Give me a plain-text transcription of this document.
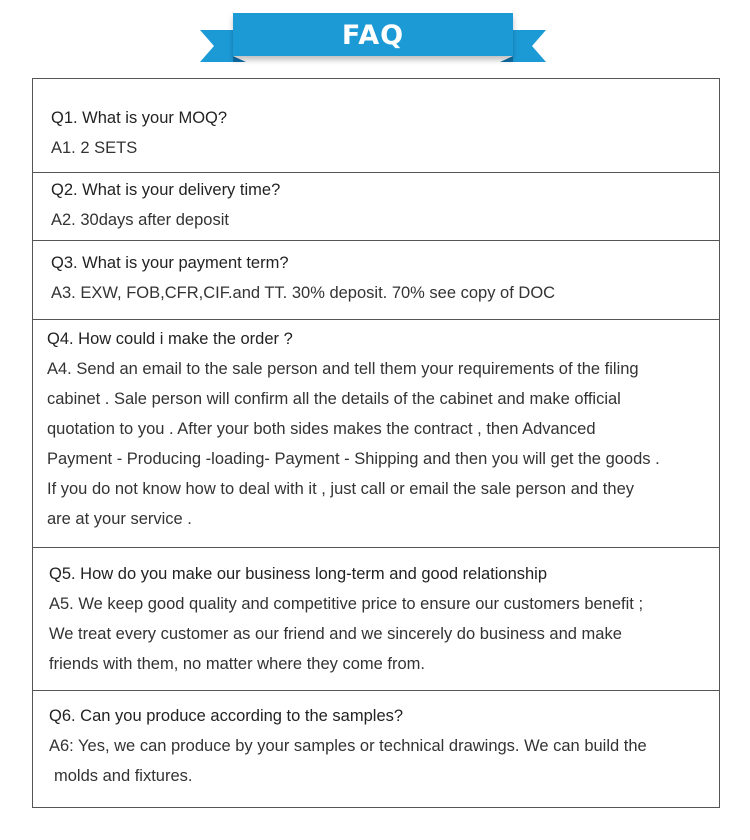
FAQ
Q1. What is your MOQ?
A1. 2 SETS
Q2. What is your delivery time?
A2. 30days after deposit
Q3. What is your payment term?
A3. EXW, FOB,CFR,CIF.and TT. 30% deposit. 70% see copy of DOC
Q4. How could i make the order ?
A4. Send an email to the sale person and tell them your requirements of the filing
cabinet . Sale person will confirm all the details of the cabinet and make official
quotation to you . After your both sides makes the contract , then Advanced
Payment - Producing -loading- Payment - Shipping and then you will get the goods .
If you do not know how to deal with it , just call or email the sale person and they
are at your service .
Q5. How do you make our business long-term and good relationship
A5. We keep good quality and competitive price to ensure our customers benefit ;
We treat every customer as our friend and we sincerely do business and make
friends with them, no matter where they come from.
Q6. Can you produce according to the samples?
A6: Yes, we can produce by your samples or technical drawings. We can build the
molds and fixtures.
